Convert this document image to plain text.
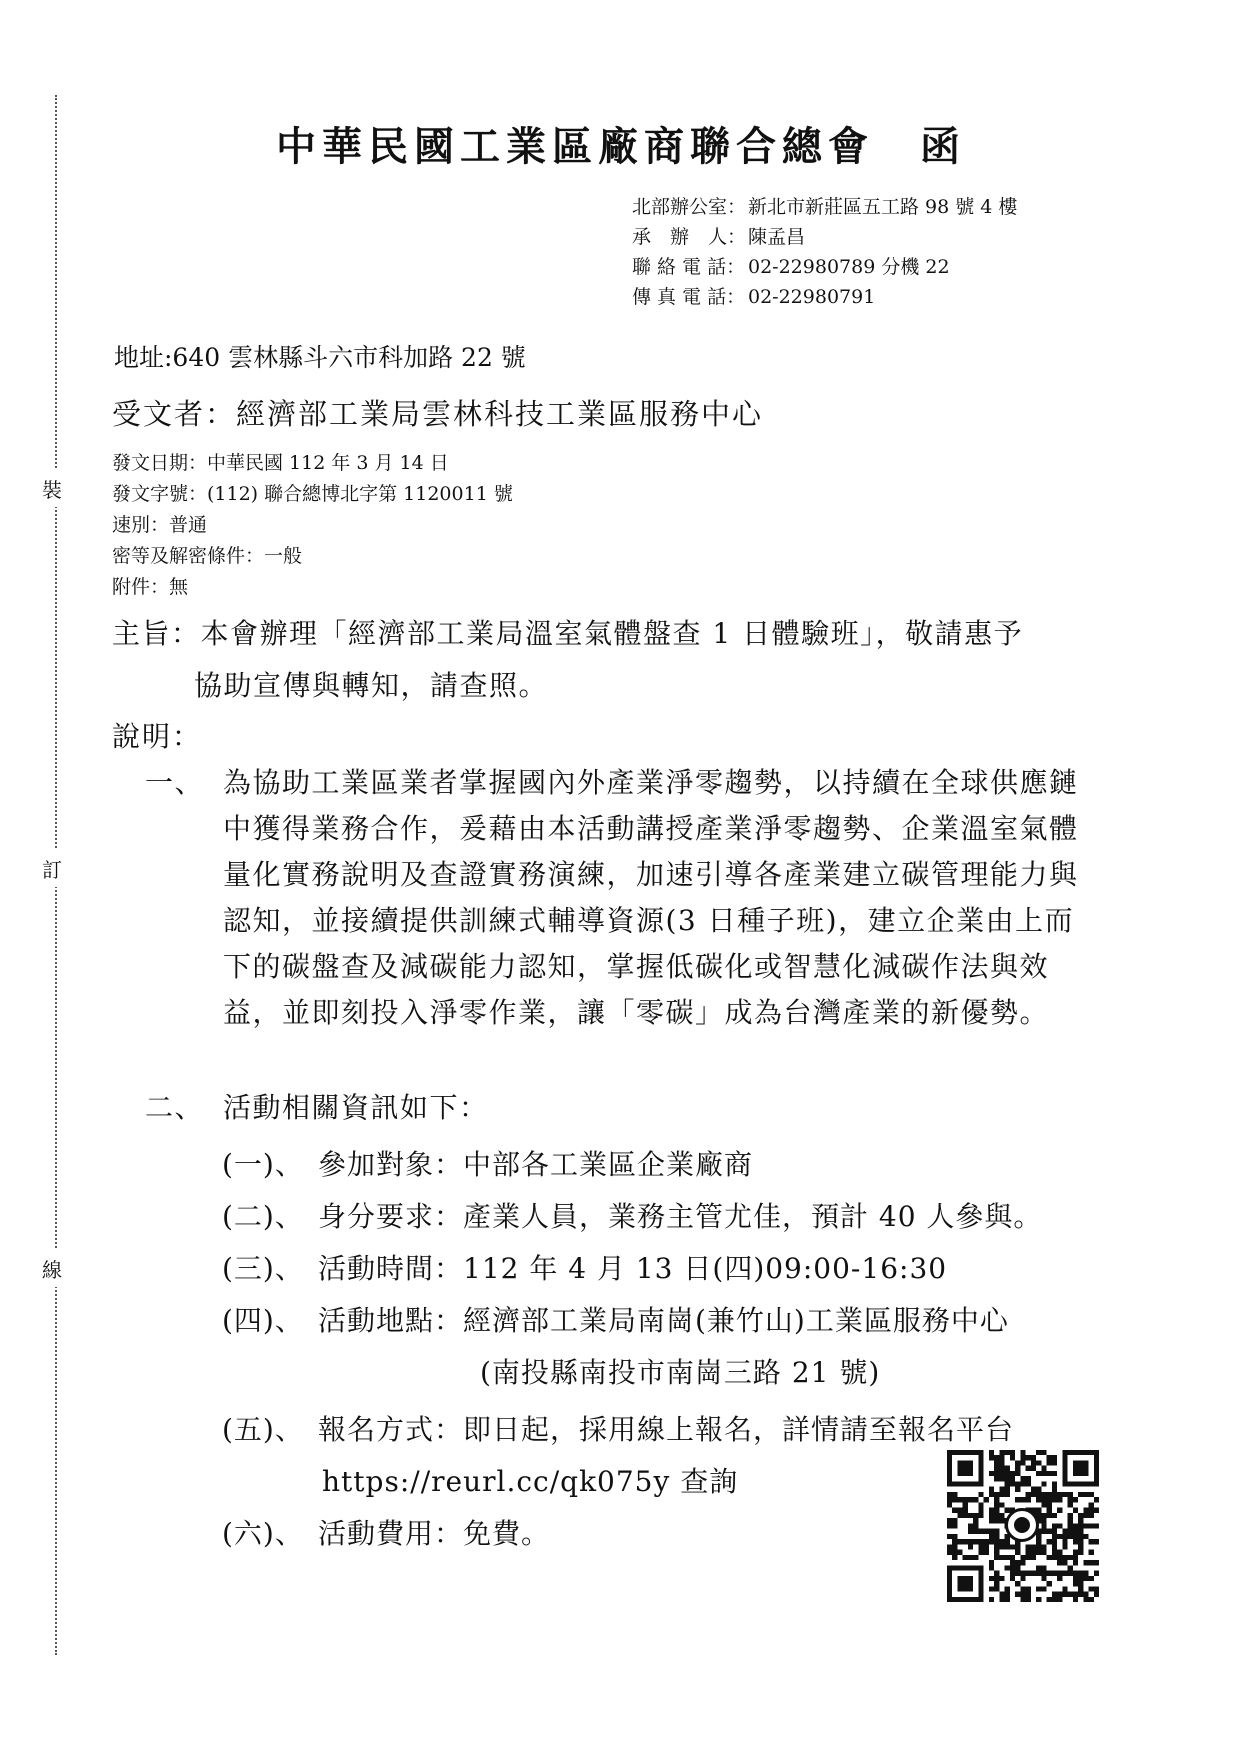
裝
訂
線
中華民國工業區廠商聯合總會 函
北部辦公室： 新北市新莊區五工路 98 號 4 樓
承　辦　人： 陳孟昌
聯 絡 電 話： 02-22980789 分機 22
傳 真 電 話： 02-22980791
地址:640 雲林縣斗六市科加路 22 號
受文者：經濟部工業局雲林科技工業區服務中心
發文日期：中華民國 112 年 3 月 14 日
發文字號：(112) 聯合總博北字第 1120011 號
速別：普通
密等及解密條件：一般
附件：無
主旨：本會辦理「經濟部工業局溫室氣體盤查 1 日體驗班」，敬請惠予
協助宣傳與轉知，請查照。
說明：
一、 為協助工業區業者掌握國內外產業淨零趨勢，以持續在全球供應鏈中獲得業務合作，爰藉由本活動講授產業淨零趨勢、企業溫室氣體量化實務說明及查證實務演練，加速引導各產業建立碳管理能力與認知，並接續提供訓練式輔導資源(3 日種子班)，建立企業由上而下的碳盤查及減碳能力認知，掌握低碳化或智慧化減碳作法與效益，並即刻投入淨零作業，讓「零碳」成為台灣產業的新優勢。
二、 活動相關資訊如下：
(一)、 參加對象：中部各工業區企業廠商
(二)、 身分要求：產業人員，業務主管尤佳，預計 40 人參與。
(三)、 活動時間：112 年 4 月 13 日(四)09:00-16:30
(四)、 活動地點：經濟部工業局南崗(兼竹山)工業區服務中心
(南投縣南投市南崗三路 21 號)
(五)、 報名方式：即日起，採用線上報名，詳情請至報名平台
https://reurl.cc/qk075y 查詢
(六)、 活動費用：免費。
